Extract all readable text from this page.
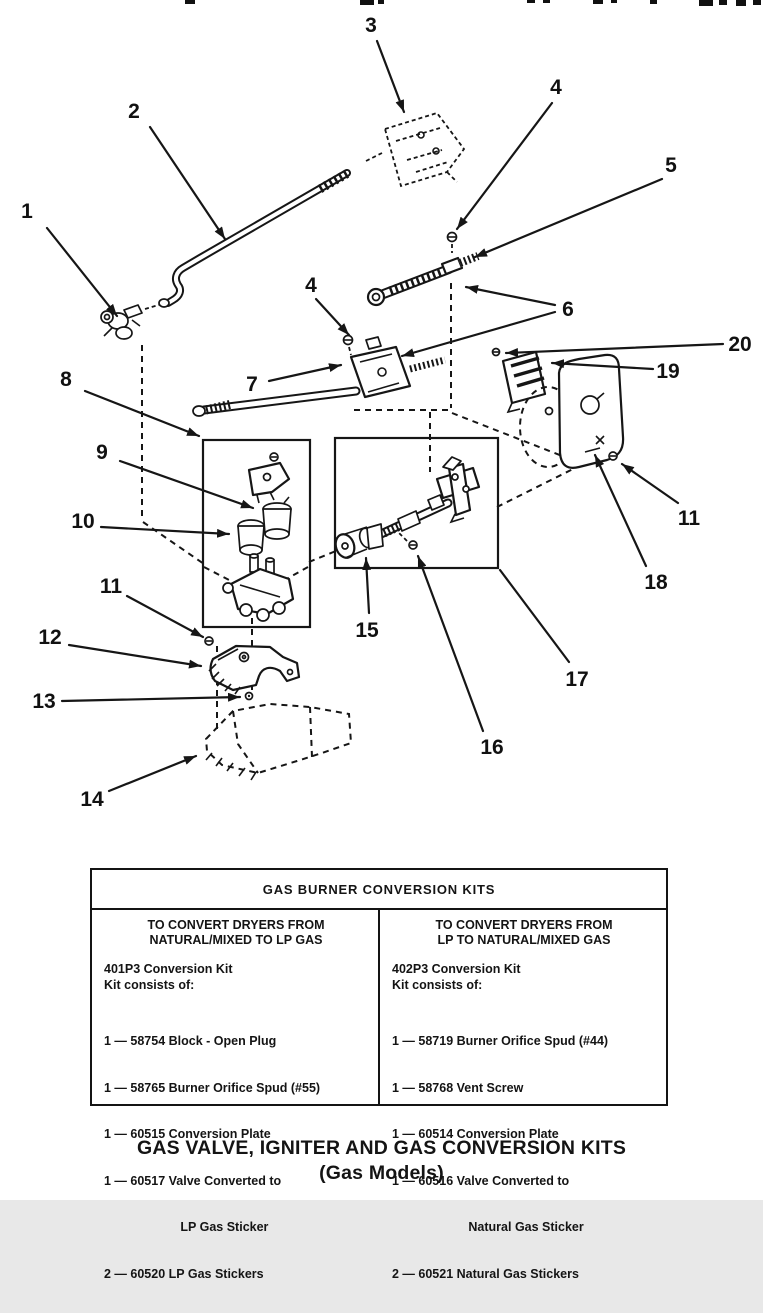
1
2
3
4
5
4
6
7
8
9
10
11
12
13
14
15
16
17
18
11
19
20
GAS BURNER CONVERSION KITS
TO CONVERT DRYERS FROM
NATURAL/MIXED TO LP GAS
401P3 Conversion Kit
Kit consists of:

1 — 58754 Block - Open Plug

1 — 58765 Burner Orifice Spud (#55)

1 — 60515 Conversion Plate

1 — 60517 Valve Converted to

LP Gas Sticker

2 — 60520 LP Gas Stickers

TO CONVERT DRYERS FROM
LP TO NATURAL/MIXED GAS
402P3 Conversion Kit
Kit consists of:

1 — 58719 Burner Orifice Spud (#44)

1 — 58768 Vent Screw

1 — 60514 Conversion Plate

1 — 60516 Valve Converted to

Natural Gas Sticker

2 — 60521 Natural Gas Stickers

GAS VALVE, IGNITER AND GAS CONVERSION KITS
(Gas Models)
